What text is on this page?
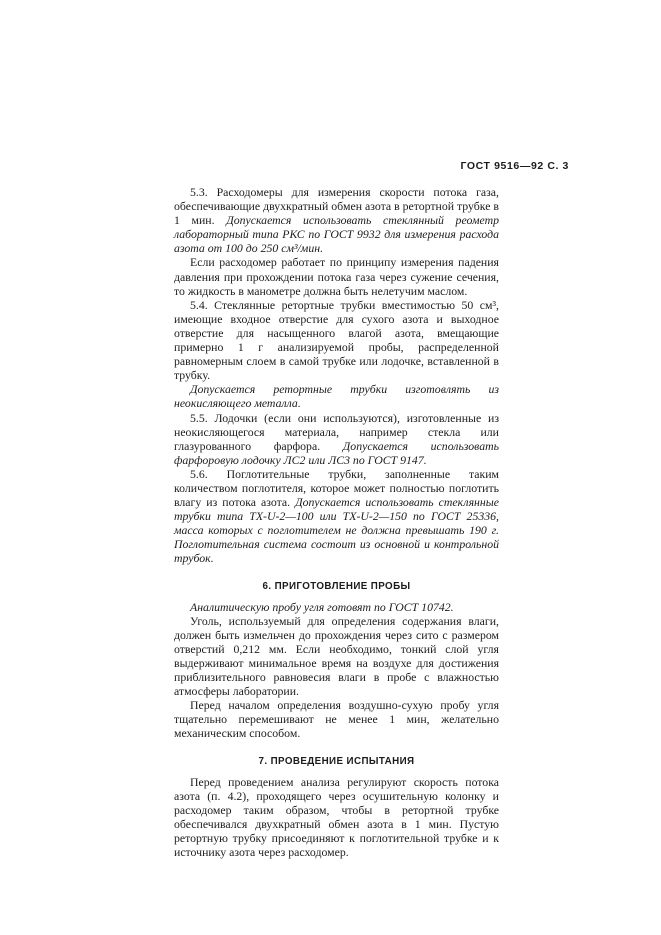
ГОСТ 9516—92 С. 3

5.3. Расходомеры для измерения скорости потока газа, обеспечивающие двухкратный обмен азота в ретортной трубке в 1 мин. Допускается использовать стеклянный реометр лабораторный типа РКС по ГОСТ 9932 для измерения расхода азота от 100 до 250 см³/мин.

Если расходомер работает по принципу измерения падения давления при прохождении потока газа через сужение сечения, то жидкость в манометре должна быть нелетучим маслом.

5.4. Стеклянные ретортные трубки вместимостью 50 см³, имеющие входное отверстие для сухого азота и выходное отверстие для насыщенного влагой азота, вмещающие примерно 1 г анализируемой пробы, распределенной равномерным слоем в самой трубке или лодочке, вставленной в трубку.

Допускается ретортные трубки изготовлять из неокисляющего металла.

5.5. Лодочки (если они используются), изготовленные из неокисляющегося материала, например стекла или глазурованного фарфора. Допускается использовать фарфоровую лодочку ЛС2 или ЛС3 по ГОСТ 9147.

5.6. Поглотительные трубки, заполненные таким количеством поглотителя, которое может полностью поглотить влагу из потока азота. Допускается использовать стеклянные трубки типа TX-U-2—100 или TX-U-2—150 по ГОСТ 25336, масса которых с поглотителем не должна превышать 190 г. Поглотительная система состоит из основной и контрольной трубок.

6. ПРИГОТОВЛЕНИЕ ПРОБЫ

Аналитическую пробу угля готовят по ГОСТ 10742.

Уголь, используемый для определения содержания влаги, должен быть измельчен до прохождения через сито с размером отверстий 0,212 мм. Если необходимо, тонкий слой угля выдерживают минимальное время на воздухе для достижения приблизительного равновесия влаги в пробе с влажностью атмосферы лаборатории.

Перед началом определения воздушно-сухую пробу угля тщательно перемешивают не менее 1 мин, желательно механическим способом.

7. ПРОВЕДЕНИЕ ИСПЫТАНИЯ

Перед проведением анализа регулируют скорость потока азота (п. 4.2), проходящего через осушительную колонку и расходомер таким образом, чтобы в ретортной трубке обеспечивался двухкратный обмен азота в 1 мин. Пустую ретортную трубку присоединяют к поглотительной трубке и к источнику азота через расходомер.
